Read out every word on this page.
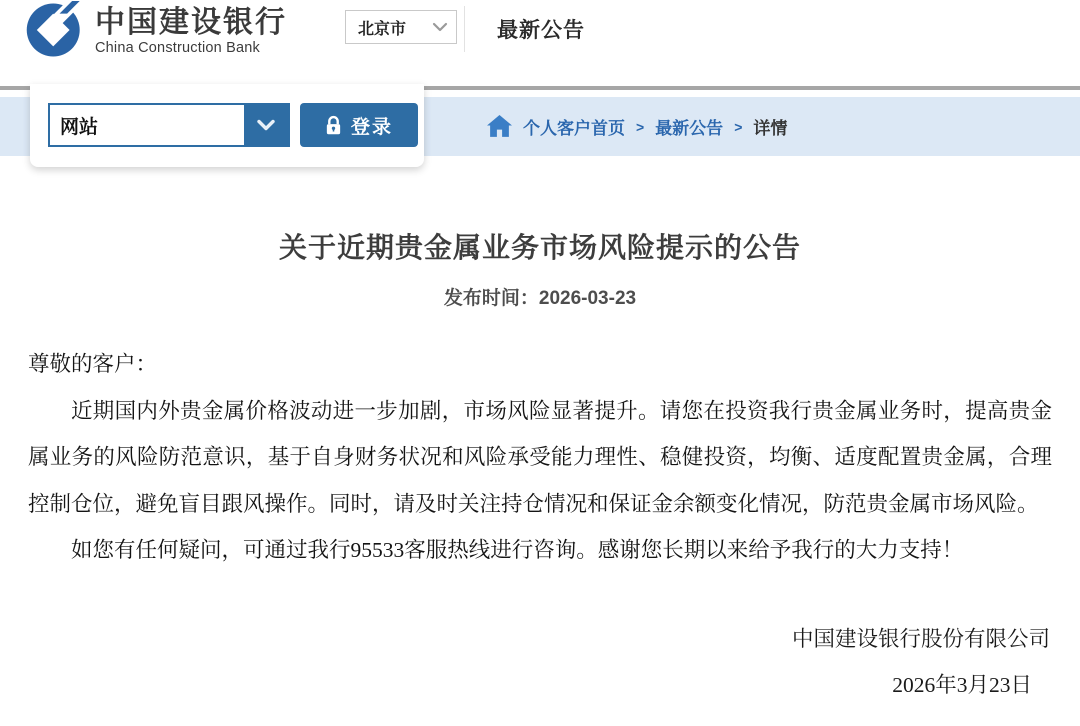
中国建设银行
China Construction Bank
北京市	最新公告
网站	登录	个人客户首页 > 最新公告 > 详情
关于近期贵金属业务市场风险提示的公告
发布时间：2026-03-23

尊敬的客户：

近期国内外贵金属价格波动进一步加剧，市场风险显著提升。请您在投资我行贵金属业务时，提高贵金属业务的风险防范意识，基于自身财务状况和风险承受能力理性、稳健投资，均衡、适度配置贵金属，合理控制仓位，避免盲目跟风操作。同时，请及时关注持仓情况和保证金余额变化情况，防范贵金属市场风险。

如您有任何疑问，可通过我行95533客服热线进行咨询。感谢您长期以来给予我行的大力支持！

中国建设银行股份有限公司
2026年3月23日
